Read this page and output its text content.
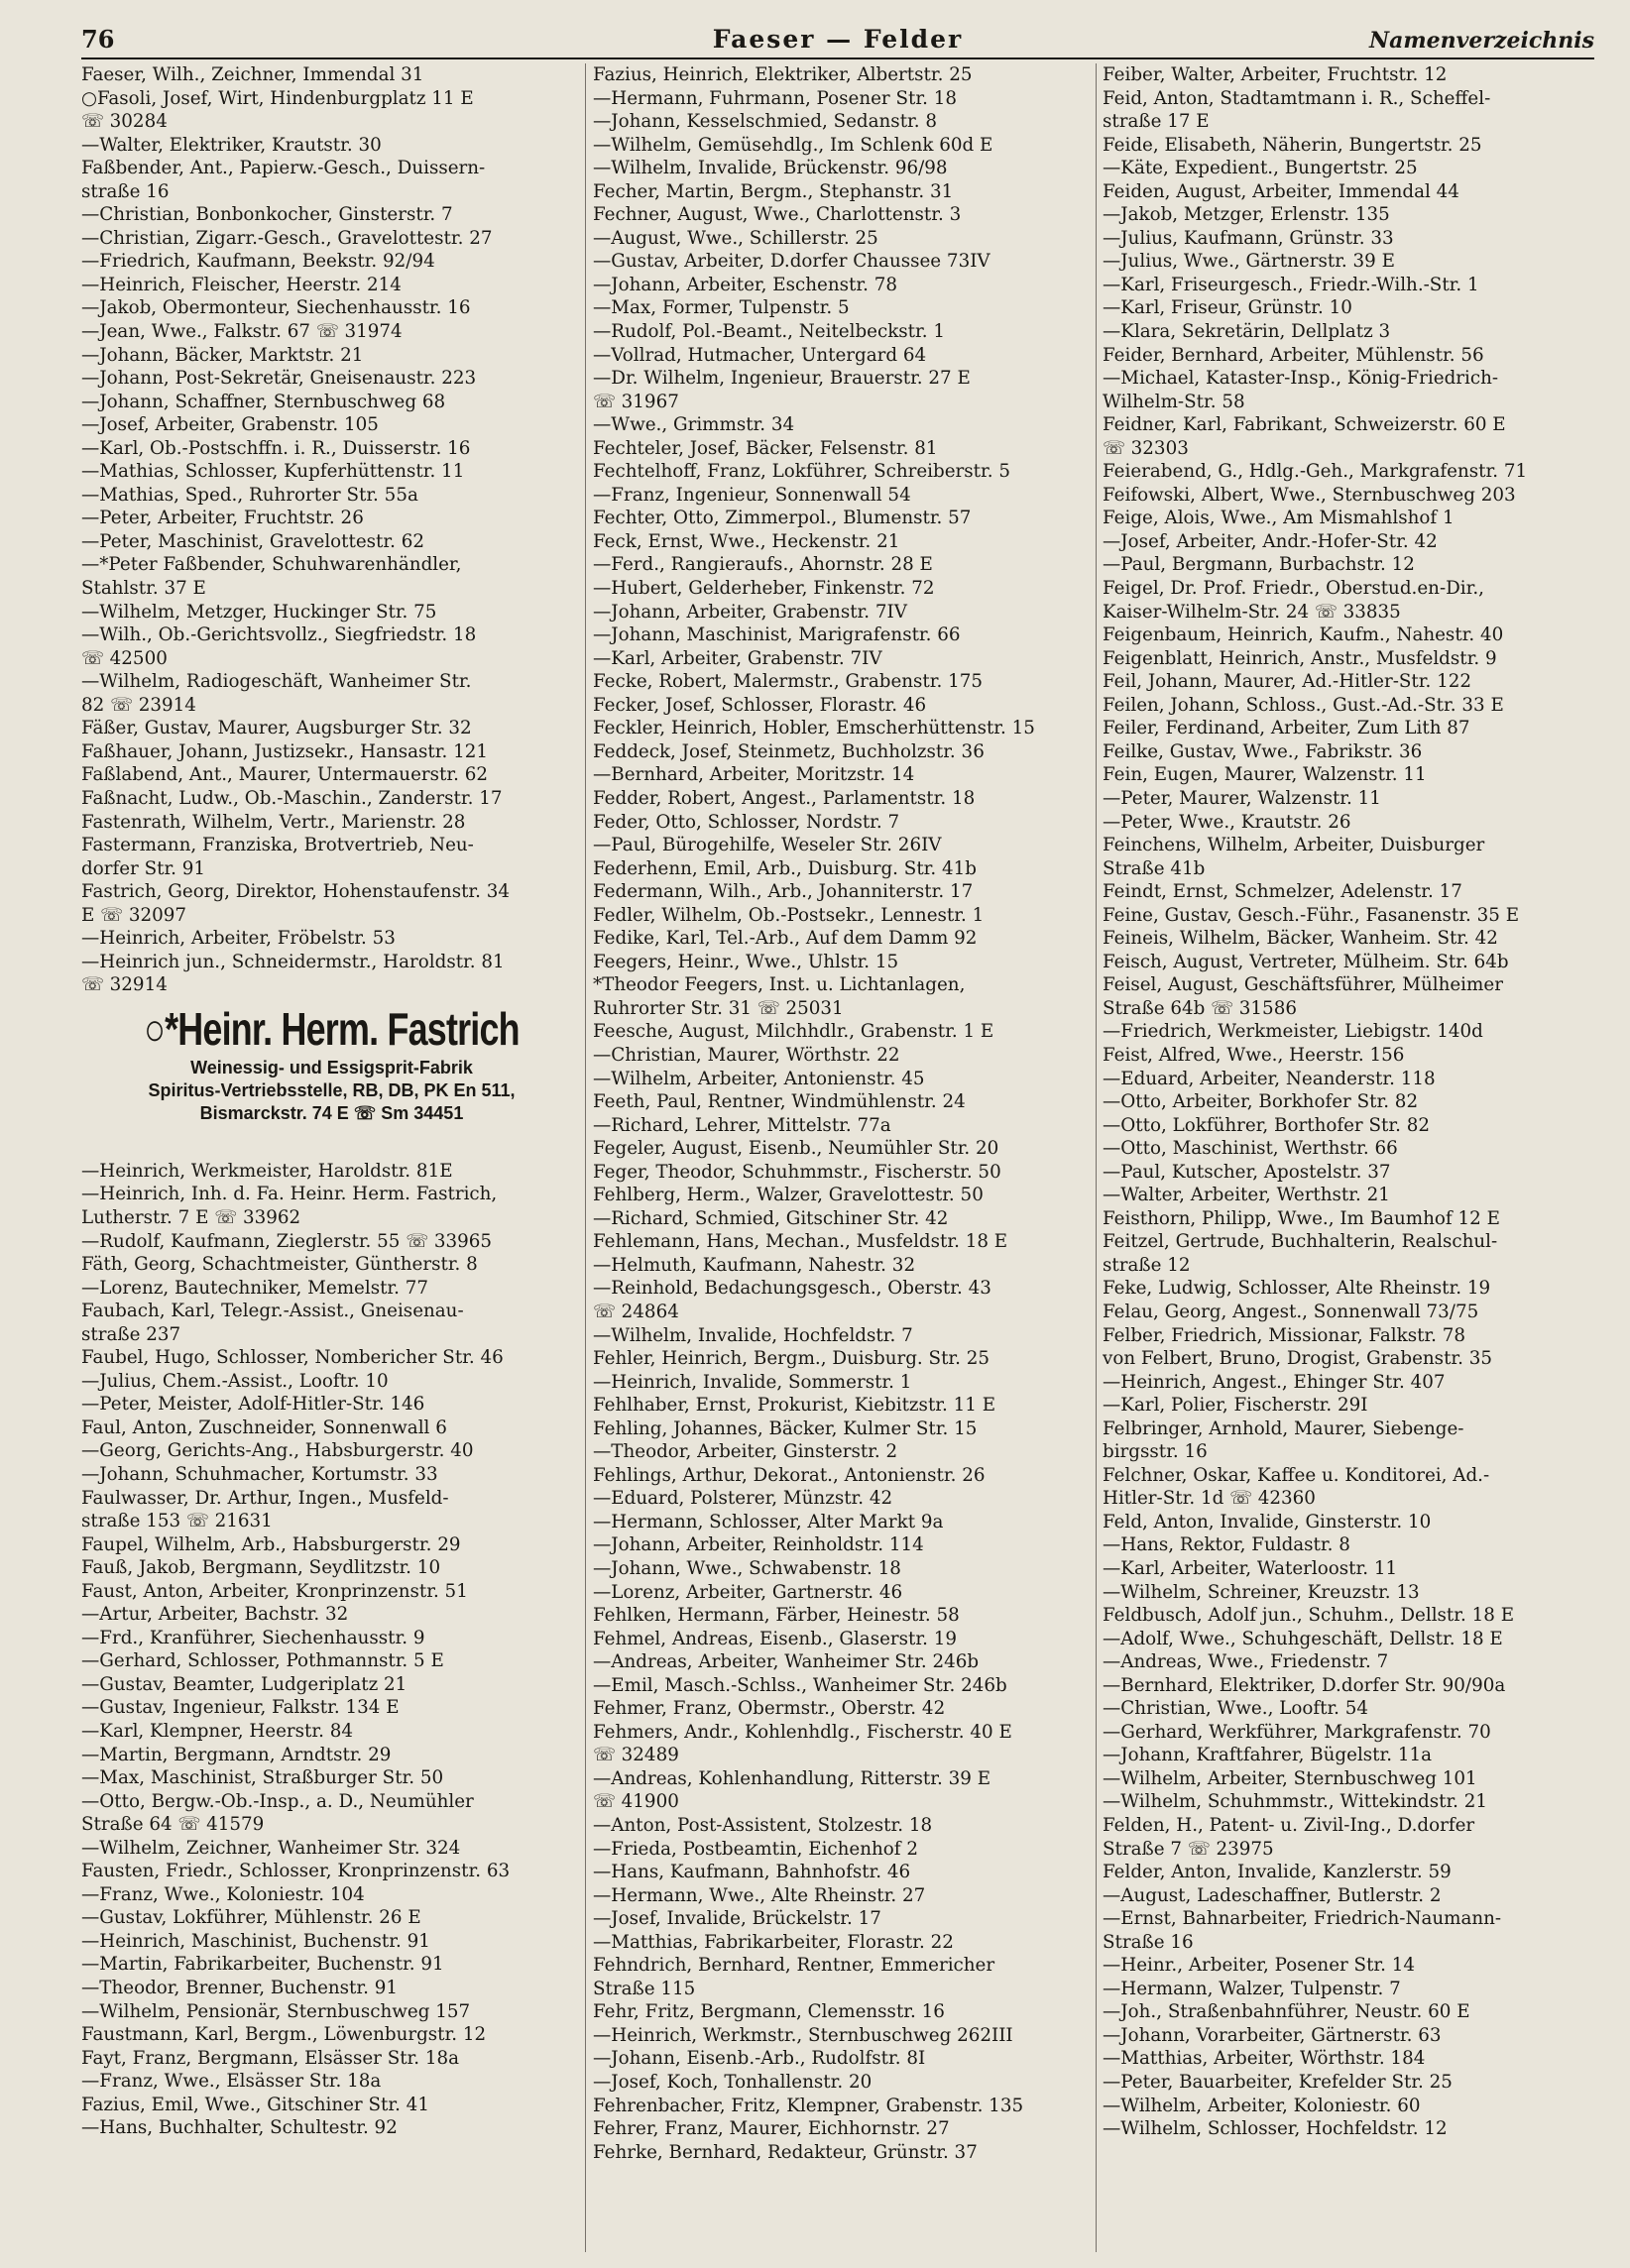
76	Faeser — Felder	Namenverzeichnis
Faeser, Wilh., Zeichner, Immendal 31
○Fasoli, Josef, Wirt, Hindenburgplatz 11 E
☏ 30284
—Walter, Elektriker, Krautstr. 30
Faßbender, Ant., Papierw.-Gesch., Duissern-
straße 16
—Christian, Bonbonkocher, Ginsterstr. 7
—Christian, Zigarr.-Gesch., Gravelottestr. 27
—Friedrich, Kaufmann, Beekstr. 92/94
—Heinrich, Fleischer, Heerstr. 214
—Jakob, Obermonteur, Siechenhausstr. 16
—Jean, Wwe., Falkstr. 67 ☏ 31974
—Johann, Bäcker, Marktstr. 21
—Johann, Post-Sekretär, Gneisenaustr. 223
—Johann, Schaffner, Sternbuschweg 68
—Josef, Arbeiter, Grabenstr. 105
—Karl, Ob.-Postschffn. i. R., Duisserstr. 16
—Mathias, Schlosser, Kupferhüttenstr. 11
—Mathias, Sped., Ruhrorter Str. 55a
—Peter, Arbeiter, Fruchtstr. 26
—Peter, Maschinist, Gravelottestr. 62
—*Peter Faßbender, Schuhwarenhändler,
Stahlstr. 37 E
—Wilhelm, Metzger, Huckinger Str. 75
—Wilh., Ob.-Gerichtsvollz., Siegfriedstr. 18
☏ 42500
—Wilhelm, Radiogeschäft, Wanheimer Str.
82 ☏ 23914
Fäßer, Gustav, Maurer, Augsburger Str. 32
Faßhauer, Johann, Justizsekr., Hansastr. 121
Faßlabend, Ant., Maurer, Untermauerstr. 62
Faßnacht, Ludw., Ob.-Maschin., Zanderstr. 17
Fastenrath, Wilhelm, Vertr., Marienstr. 28
Fastermann, Franziska, Brotvertrieb, Neu-
dorfer Str. 91
Fastrich, Georg, Direktor, Hohenstaufenstr. 34
E ☏ 32097
—Heinrich, Arbeiter, Fröbelstr. 53
—Heinrich jun., Schneidermstr., Haroldstr. 81
☏ 32914
○*Heinr. Herm. Fastrich
Weinessig- und Essigsprit-Fabrik
Spiritus-Vertriebsstelle, RB, DB, PK En 511,
Bismarckstr. 74 E ☏ Sm 34451
—Heinrich, Werkmeister, Haroldstr. 81E
—Heinrich, Inh. d. Fa. Heinr. Herm. Fastrich,
Lutherstr. 7 E ☏ 33962
—Rudolf, Kaufmann, Zieglerstr. 55 ☏ 33965
Fäth, Georg, Schachtmeister, Güntherstr. 8
—Lorenz, Bautechniker, Memelstr. 77
Faubach, Karl, Telegr.-Assist., Gneisenau-
straße 237
Faubel, Hugo, Schlosser, Nombericher Str. 46
—Julius, Chem.-Assist., Looftr. 10
—Peter, Meister, Adolf-Hitler-Str. 146
Faul, Anton, Zuschneider, Sonnenwall 6
—Georg, Gerichts-Ang., Habsburgerstr. 40
—Johann, Schuhmacher, Kortumstr. 33
Faulwasser, Dr. Arthur, Ingen., Musfeld-
straße 153 ☏ 21631
Faupel, Wilhelm, Arb., Habsburgerstr. 29
Fauß, Jakob, Bergmann, Seydlitzstr. 10
Faust, Anton, Arbeiter, Kronprinzenstr. 51
—Artur, Arbeiter, Bachstr. 32
—Frd., Kranführer, Siechenhausstr. 9
—Gerhard, Schlosser, Pothmannstr. 5 E
—Gustav, Beamter, Ludgeriplatz 21
—Gustav, Ingenieur, Falkstr. 134 E
—Karl, Klempner, Heerstr. 84
—Martin, Bergmann, Arndtstr. 29
—Max, Maschinist, Straßburger Str. 50
—Otto, Bergw.-Ob.-Insp., a. D., Neumühler
Straße 64 ☏ 41579
—Wilhelm, Zeichner, Wanheimer Str. 324
Fausten, Friedr., Schlosser, Kronprinzenstr. 63
—Franz, Wwe., Koloniestr. 104
—Gustav, Lokführer, Mühlenstr. 26 E
—Heinrich, Maschinist, Buchenstr. 91
—Martin, Fabrikarbeiter, Buchenstr. 91
—Theodor, Brenner, Buchenstr. 91
—Wilhelm, Pensionär, Sternbuschweg 157
Faustmann, Karl, Bergm., Löwenburgstr. 12
Fayt, Franz, Bergmann, Elsässer Str. 18a
—Franz, Wwe., Elsässer Str. 18a
Fazius, Emil, Wwe., Gitschiner Str. 41
—Hans, Buchhalter, Schultestr. 92
Fazius, Heinrich, Elektriker, Albertstr. 25
—Hermann, Fuhrmann, Posener Str. 18
—Johann, Kesselschmied, Sedanstr. 8
—Wilhelm, Gemüsehdlg., Im Schlenk 60d E
—Wilhelm, Invalide, Brückenstr. 96/98
Fecher, Martin, Bergm., Stephanstr. 31
Fechner, August, Wwe., Charlottenstr. 3
—August, Wwe., Schillerstr. 25
—Gustav, Arbeiter, D.dorfer Chaussee 73IV
—Johann, Arbeiter, Eschenstr. 78
—Max, Former, Tulpenstr. 5
—Rudolf, Pol.-Beamt., Neitelbeckstr. 1
—Vollrad, Hutmacher, Untergard 64
—Dr. Wilhelm, Ingenieur, Brauerstr. 27 E
☏ 31967
—Wwe., Grimmstr. 34
Fechteler, Josef, Bäcker, Felsenstr. 81
Fechtelhoff, Franz, Lokführer, Schreiberstr. 5
—Franz, Ingenieur, Sonnenwall 54
Fechter, Otto, Zimmerpol., Blumenstr. 57
Feck, Ernst, Wwe., Heckenstr. 21
—Ferd., Rangieraufs., Ahornstr. 28 E
—Hubert, Gelderheber, Finkenstr. 72
—Johann, Arbeiter, Grabenstr. 7IV
—Johann, Maschinist, Marigrafenstr. 66
—Karl, Arbeiter, Grabenstr. 7IV
Fecke, Robert, Malermstr., Grabenstr. 175
Fecker, Josef, Schlosser, Florastr. 46
Feckler, Heinrich, Hobler, Emscherhüttenstr. 15
Feddeck, Josef, Steinmetz, Buchholzstr. 36
—Bernhard, Arbeiter, Moritzstr. 14
Fedder, Robert, Angest., Parlamentstr. 18
Feder, Otto, Schlosser, Nordstr. 7
—Paul, Bürogehilfe, Weseler Str. 26IV
Federhenn, Emil, Arb., Duisburg. Str. 41b
Federmann, Wilh., Arb., Johanniterstr. 17
Fedler, Wilhelm, Ob.-Postsekr., Lennestr. 1
Fedike, Karl, Tel.-Arb., Auf dem Damm 92
Feegers, Heinr., Wwe., Uhlstr. 15
*Theodor Feegers, Inst. u. Lichtanlagen,
Ruhrorter Str. 31 ☏ 25031
Feesche, August, Milchhdlr., Grabenstr. 1 E
—Christian, Maurer, Wörthstr. 22
—Wilhelm, Arbeiter, Antonienstr. 45
Feeth, Paul, Rentner, Windmühlenstr. 24
—Richard, Lehrer, Mittelstr. 77a
Fegeler, August, Eisenb., Neumühler Str. 20
Feger, Theodor, Schuhmmstr., Fischerstr. 50
Fehlberg, Herm., Walzer, Gravelottestr. 50
—Richard, Schmied, Gitschiner Str. 42
Fehlemann, Hans, Mechan., Musfeldstr. 18 E
—Helmuth, Kaufmann, Nahestr. 32
—Reinhold, Bedachungsgesch., Oberstr. 43
☏ 24864
—Wilhelm, Invalide, Hochfeldstr. 7
Fehler, Heinrich, Bergm., Duisburg. Str. 25
—Heinrich, Invalide, Sommerstr. 1
Fehlhaber, Ernst, Prokurist, Kiebitzstr. 11 E
Fehling, Johannes, Bäcker, Kulmer Str. 15
—Theodor, Arbeiter, Ginsterstr. 2
Fehlings, Arthur, Dekorat., Antonienstr. 26
—Eduard, Polsterer, Münzstr. 42
—Hermann, Schlosser, Alter Markt 9a
—Johann, Arbeiter, Reinholdstr. 114
—Johann, Wwe., Schwabenstr. 18
—Lorenz, Arbeiter, Gartnerstr. 46
Fehlken, Hermann, Färber, Heinestr. 58
Fehmel, Andreas, Eisenb., Glaserstr. 19
—Andreas, Arbeiter, Wanheimer Str. 246b
—Emil, Masch.-Schlss., Wanheimer Str. 246b
Fehmer, Franz, Obermstr., Oberstr. 42
Fehmers, Andr., Kohlenhdlg., Fischerstr. 40 E
☏ 32489
—Andreas, Kohlenhandlung, Ritterstr. 39 E
☏ 41900
—Anton, Post-Assistent, Stolzestr. 18
—Frieda, Postbeamtin, Eichenhof 2
—Hans, Kaufmann, Bahnhofstr. 46
—Hermann, Wwe., Alte Rheinstr. 27
—Josef, Invalide, Brückelstr. 17
—Matthias, Fabrikarbeiter, Florastr. 22
Fehndrich, Bernhard, Rentner, Emmericher
Straße 115
Fehr, Fritz, Bergmann, Clemensstr. 16
—Heinrich, Werkmstr., Sternbuschweg 262III
—Johann, Eisenb.-Arb., Rudolfstr. 8I
—Josef, Koch, Tonhallenstr. 20
Fehrenbacher, Fritz, Klempner, Grabenstr. 135
Fehrer, Franz, Maurer, Eichhornstr. 27
Fehrke, Bernhard, Redakteur, Grünstr. 37
Feiber, Walter, Arbeiter, Fruchtstr. 12
Feid, Anton, Stadtamtmann i. R., Scheffel-
straße 17 E
Feide, Elisabeth, Näherin, Bungertstr. 25
—Käte, Expedient., Bungertstr. 25
Feiden, August, Arbeiter, Immendal 44
—Jakob, Metzger, Erlenstr. 135
—Julius, Kaufmann, Grünstr. 33
—Julius, Wwe., Gärtnerstr. 39 E
—Karl, Friseurgesch., Friedr.-Wilh.-Str. 1
—Karl, Friseur, Grünstr. 10
—Klara, Sekretärin, Dellplatz 3
Feider, Bernhard, Arbeiter, Mühlenstr. 56
—Michael, Kataster-Insp., König-Friedrich-
Wilhelm-Str. 58
Feidner, Karl, Fabrikant, Schweizerstr. 60 E
☏ 32303
Feierabend, G., Hdlg.-Geh., Markgrafenstr. 71
Feifowski, Albert, Wwe., Sternbuschweg 203
Feige, Alois, Wwe., Am Mismahlshof 1
—Josef, Arbeiter, Andr.-Hofer-Str. 42
—Paul, Bergmann, Burbachstr. 12
Feigel, Dr. Prof. Friedr., Oberstud.en-Dir.,
Kaiser-Wilhelm-Str. 24 ☏ 33835
Feigenbaum, Heinrich, Kaufm., Nahestr. 40
Feigenblatt, Heinrich, Anstr., Musfeldstr. 9
Feil, Johann, Maurer, Ad.-Hitler-Str. 122
Feilen, Johann, Schloss., Gust.-Ad.-Str. 33 E
Feiler, Ferdinand, Arbeiter, Zum Lith 87
Feilke, Gustav, Wwe., Fabrikstr. 36
Fein, Eugen, Maurer, Walzenstr. 11
—Peter, Maurer, Walzenstr. 11
—Peter, Wwe., Krautstr. 26
Feinchens, Wilhelm, Arbeiter, Duisburger
Straße 41b
Feindt, Ernst, Schmelzer, Adelenstr. 17
Feine, Gustav, Gesch.-Führ., Fasanenstr. 35 E
Feineis, Wilhelm, Bäcker, Wanheim. Str. 42
Feisch, August, Vertreter, Mülheim. Str. 64b
Feisel, August, Geschäftsführer, Mülheimer
Straße 64b ☏ 31586
—Friedrich, Werkmeister, Liebigstr. 140d
Feist, Alfred, Wwe., Heerstr. 156
—Eduard, Arbeiter, Neanderstr. 118
—Otto, Arbeiter, Borkhofer Str. 82
—Otto, Lokführer, Borthofer Str. 82
—Otto, Maschinist, Werthstr. 66
—Paul, Kutscher, Apostelstr. 37
—Walter, Arbeiter, Werthstr. 21
Feisthorn, Philipp, Wwe., Im Baumhof 12 E
Feitzel, Gertrude, Buchhalterin, Realschul-
straße 12
Feke, Ludwig, Schlosser, Alte Rheinstr. 19
Felau, Georg, Angest., Sonnenwall 73/75
Felber, Friedrich, Missionar, Falkstr. 78
von Felbert, Bruno, Drogist, Grabenstr. 35
—Heinrich, Angest., Ehinger Str. 407
—Karl, Polier, Fischerstr. 29I
Felbringer, Arnhold, Maurer, Siebenge-
birgsstr. 16
Felchner, Oskar, Kaffee u. Konditorei, Ad.-
Hitler-Str. 1d ☏ 42360
Feld, Anton, Invalide, Ginsterstr. 10
—Hans, Rektor, Fuldastr. 8
—Karl, Arbeiter, Waterloostr. 11
—Wilhelm, Schreiner, Kreuzstr. 13
Feldbusch, Adolf jun., Schuhm., Dellstr. 18 E
—Adolf, Wwe., Schuhgeschäft, Dellstr. 18 E
—Andreas, Wwe., Friedenstr. 7
—Bernhard, Elektriker, D.dorfer Str. 90/90a
—Christian, Wwe., Looftr. 54
—Gerhard, Werkführer, Markgrafenstr. 70
—Johann, Kraftfahrer, Bügelstr. 11a
—Wilhelm, Arbeiter, Sternbuschweg 101
—Wilhelm, Schuhmmstr., Wittekindstr. 21
Felden, H., Patent- u. Zivil-Ing., D.dorfer
Straße 7 ☏ 23975
Felder, Anton, Invalide, Kanzlerstr. 59
—August, Ladeschaffner, Butlerstr. 2
—Ernst, Bahnarbeiter, Friedrich-Naumann-
Straße 16
—Heinr., Arbeiter, Posener Str. 14
—Hermann, Walzer, Tulpenstr. 7
—Joh., Straßenbahnführer, Neustr. 60 E
—Johann, Vorarbeiter, Gärtnerstr. 63
—Matthias, Arbeiter, Wörthstr. 184
—Peter, Bauarbeiter, Krefelder Str. 25
—Wilhelm, Arbeiter, Koloniestr. 60
—Wilhelm, Schlosser, Hochfeldstr. 12
